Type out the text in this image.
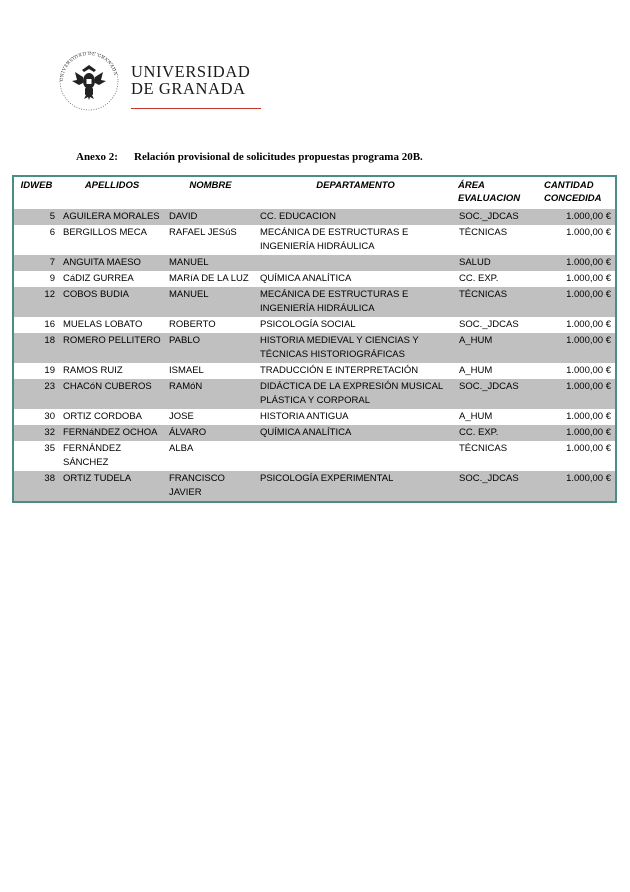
UNIVERSIDAD DE GRANADA UNIVERSIDAD
DE GRANADA
Anexo 2: Relación provisional de solicitudes propuestas programa 20B.
IDWEB	APELLIDOS	NOMBRE	DEPARTAMENTO	ÁREA EVALUACION	CANTIDAD CONCEDIDA
5	AGUILERA MORALES	DAVID	CC. EDUCACION	SOC._JDCAS	1.000,00 €
6	BERGILLOS MECA	RAFAEL JESúS	MECÁNICA DE ESTRUCTURAS E INGENIERÍA HIDRÁULICA	TÉCNICAS	1.000,00 €
7	ANGUITA MAESO	MANUEL		SALUD	1.000,00 €
9	CáDIZ GURREA	MARíA DE LA LUZ	QUÍMICA ANALÍTICA	CC. EXP.	1.000,00 €
12	COBOS BUDIA	MANUEL	MECÁNICA DE ESTRUCTURAS E INGENIERÍA HIDRÁULICA	TÉCNICAS	1.000,00 €
16	MUELAS LOBATO	ROBERTO	PSICOLOGÍA SOCIAL	SOC._JDCAS	1.000,00 €
18	ROMERO PELLITERO	PABLO	HISTORIA MEDIEVAL Y CIENCIAS Y TÉCNICAS HISTORIOGRÁFICAS	A_HUM	1.000,00 €
19	RAMOS RUIZ	ISMAEL	TRADUCCIÓN E INTERPRETACIÓN	A_HUM	1.000,00 €
23	CHACóN CUBEROS	RAMóN	DIDÁCTICA DE LA EXPRESIÓN MUSICAL PLÁSTICA Y CORPORAL	SOC._JDCAS	1.000,00 €
30	ORTIZ CORDOBA	JOSE	HISTORIA ANTIGUA	A_HUM	1.000,00 €
32	FERNáNDEZ OCHOA	ÁLVARO	QUÍMICA ANALÍTICA	CC. EXP.	1.000,00 €
35	FERNÁNDEZ SÁNCHEZ	ALBA		TÉCNICAS	1.000,00 €
38	ORTIZ TUDELA	FRANCISCO JAVIER	PSICOLOGÍA EXPERIMENTAL	SOC._JDCAS	1.000,00 €
